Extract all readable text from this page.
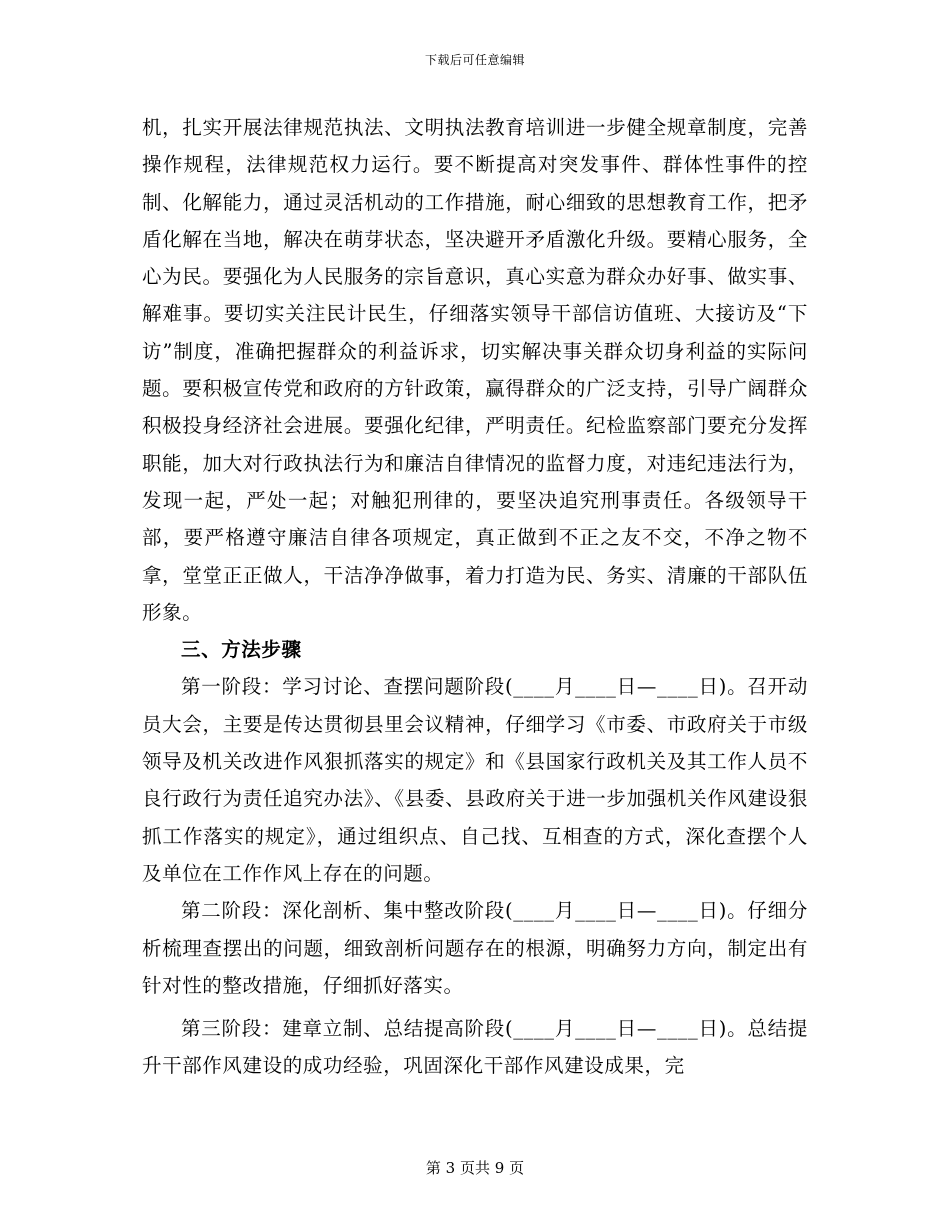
下载后可任意编辑

机，扎实开展法律规范执法、文明执法教育培训进一步健全规章制度，完善操作规程，法律规范权力运行。要不断提高对突发事件、群体性事件的控制、化解能力，通过灵活机动的工作措施，耐心细致的思想教育工作，把矛盾化解在当地，解决在萌芽状态，坚决避开矛盾激化升级。要精心服务，全心为民。要强化为人民服务的宗旨意识，真心实意为群众办好事、做实事、解难事。要切实关注民计民生，仔细落实领导干部信访值班、大接访及“下访”制度，准确把握群众的利益诉求，切实解决事关群众切身利益的实际问题。要积极宣传党和政府的方针政策，赢得群众的广泛支持，引导广阔群众积极投身经济社会进展。要强化纪律，严明责任。纪检监察部门要充分发挥职能，加大对行政执法行为和廉洁自律情况的监督力度，对违纪违法行为，发现一起，严处一起；对触犯刑律的，要坚决追究刑事责任。各级领导干部，要严格遵守廉洁自律各项规定，真正做到不正之友不交，不净之物不拿，堂堂正正做人，干洁净净做事，着力打造为民、务实、清廉的干部队伍形象。

三、方法步骤

第一阶段：学习讨论、查摆问题阶段(____月____日—____日)。召开动员大会，主要是传达贯彻县里会议精神，仔细学习《市委、市政府关于市级领导及机关改进作风狠抓落实的规定》和《县国家行政机关及其工作人员不良行政行为责任追究办法》、《县委、县政府关于进一步加强机关作风建设狠抓工作落实的规定》，通过组织点、自己找、互相查的方式，深化查摆个人及单位在工作作风上存在的问题。

第二阶段：深化剖析、集中整改阶段(____月____日—____日)。仔细分析梳理查摆出的问题，细致剖析问题存在的根源，明确努力方向，制定出有针对性的整改措施，仔细抓好落实。

第三阶段：建章立制、总结提高阶段(____月____日—____日)。总结提升干部作风建设的成功经验，巩固深化干部作风建设成果，完

第 3 页共 9 页
